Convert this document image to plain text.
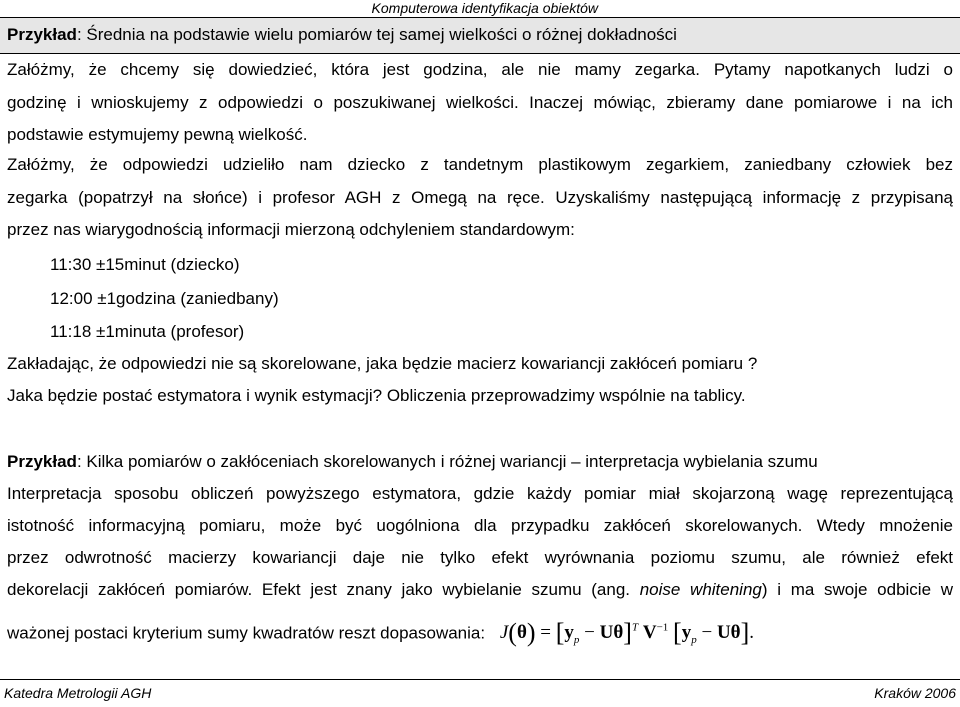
Komputerowa identyfikacja obiektów
Przykład: Średnia na podstawie wielu pomiarów tej samej wielkości o różnej dokładności
Załóżmy, że chcemy się dowiedzieć, która jest godzina, ale nie mamy zegarka. Pytamy napotkanych ludzi o
godzinę i wnioskujemy z odpowiedzi o poszukiwanej wielkości. Inaczej mówiąc, zbieramy dane pomiarowe i na ich
podstawie estymujemy pewną wielkość.
Załóżmy, że odpowiedzi udzieliło nam dziecko z tandetnym plastikowym zegarkiem, zaniedbany człowiek bez
zegarka (popatrzył na słońce) i profesor AGH z Omegą na ręce. Uzyskaliśmy następującą informację z przypisaną
przez nas wiarygodnością informacji mierzoną odchyleniem standardowym:
11:30 ±15minut (dziecko)
12:00 ±1godzina (zaniedbany)
11:18 ±1minuta (profesor)
Zakładając, że odpowiedzi nie są skorelowane, jaka będzie macierz kowariancji zakłóceń pomiaru ?
Jaka będzie postać estymatora i wynik estymacji? Obliczenia przeprowadzimy wspólnie na tablicy.
Przykład: Kilka pomiarów o zakłóceniach skorelowanych i różnej wariancji – interpretacja wybielania szumu
Interpretacja sposobu obliczeń powyższego estymatora, gdzie każdy pomiar miał skojarzoną wagę reprezentującą
istotność informacyjną pomiaru, może być uogólniona dla przypadku zakłóceń skorelowanych. Wtedy mnożenie
przez odwrotność macierzy kowariancji daje nie tylko efekt wyrównania poziomu szumu, ale również efekt
dekorelacji zakłóceń pomiarów. Efekt jest znany jako wybielanie szumu (ang. noise whitening) i ma swoje odbicie w
ważonej postaci kryterium sumy kwadratów reszt dopasowania: $J(\theta) = [y_p - U\theta]^T$ $V^{-1}$ $[y_p - U\theta]$.
Katedra Metrologii AGH	Kraków 2006
